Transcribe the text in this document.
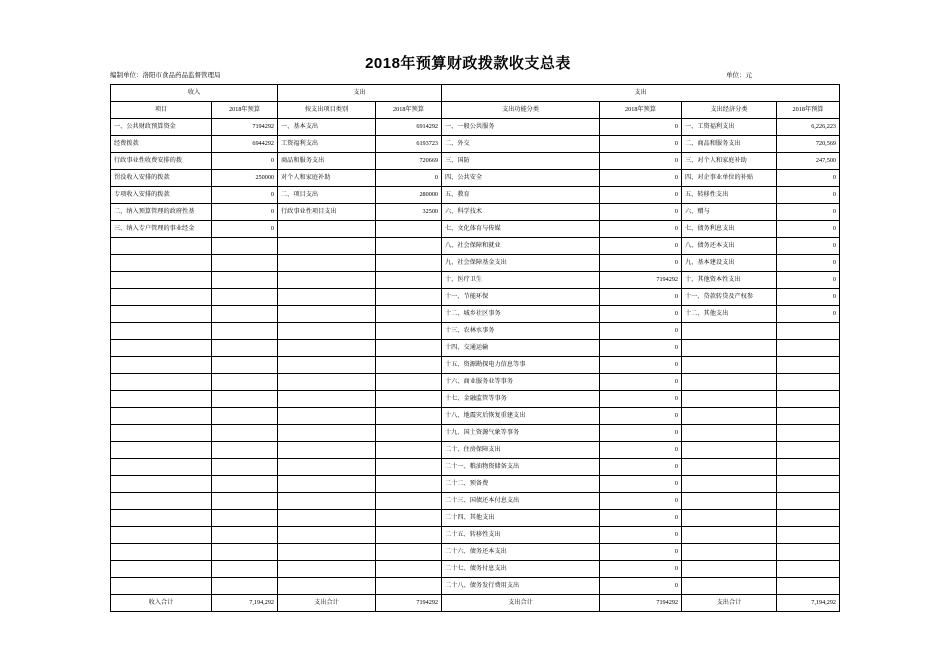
2018年预算财政拨款收支总表
编制单位：洛阳市食品药品监督管理局	单位：元
收入		支出		支出			
项目	2018年预算	按支出项目类别	2018年预算	支出功能分类	2018年预算	支出经济分类	2018年预算
一、公共财政预算资金	7194292	一、基本支出	6914292	一、一般公共服务	0	一、工资福利支出	6,226,223
经费拨款	6944292	工资福利支出	6193723	二、外交	0	二、商品和服务支出	720,569
行政事业性收费安排的拨	0	商品和服务支出	720669	三、国防	0	三、对个人和家庭补助	247,500
罚没收入安排的拨款	250000	对个人和家庭补助	0	四、公共安全	0	四、对企事业单位的补贴	0
专项收入安排的拨款	0	二、项目支出	280000	五、教育	0	五、转移性支出	0
二、纳入预算管理的政府性基	0	行政事业性项目支出	32500	六、科学技术	0	六、赠与	0
三、纳入专户管理的事业经金	0			七、文化体育与传媒	0	七、债务利息支出	0
				八、社会保障和就业	0	八、债务还本支出	0
				九、社会保障基金支出	0	九、基本建设支出	0
				十、医疗卫生	7194292	十、其他资本性支出	0
				十一、节能环保	0	十一、贷款转贷及产权参	0
				十二、城乡社区事务	0	十二、其他支出	0
				十三、农林水事务	0		
				十四、交通运输	0		
				十五、资源勘探电力信息等事	0		
				十六、商业服务业等事务	0		
				十七、金融监管等事务	0		
				十八、地震灾后恢复重建支出	0		
				十九、国土资源气象等事务	0		
				二十、住房保障支出	0		
				二十一、粮油物资储备支出	0		
				二十二、预备费	0		
				二十三、国债还本付息支出	0		
				二十四、其他支出	0		
				二十五、转移性支出	0		
				二十六、债务还本支出	0		
				二十七、债务付息支出	0		
				二十八、债务发行费用支出	0		
收入合计	7,194,292	支出合计	7194292	支出合计	7194292	支出合计	7,194,292
